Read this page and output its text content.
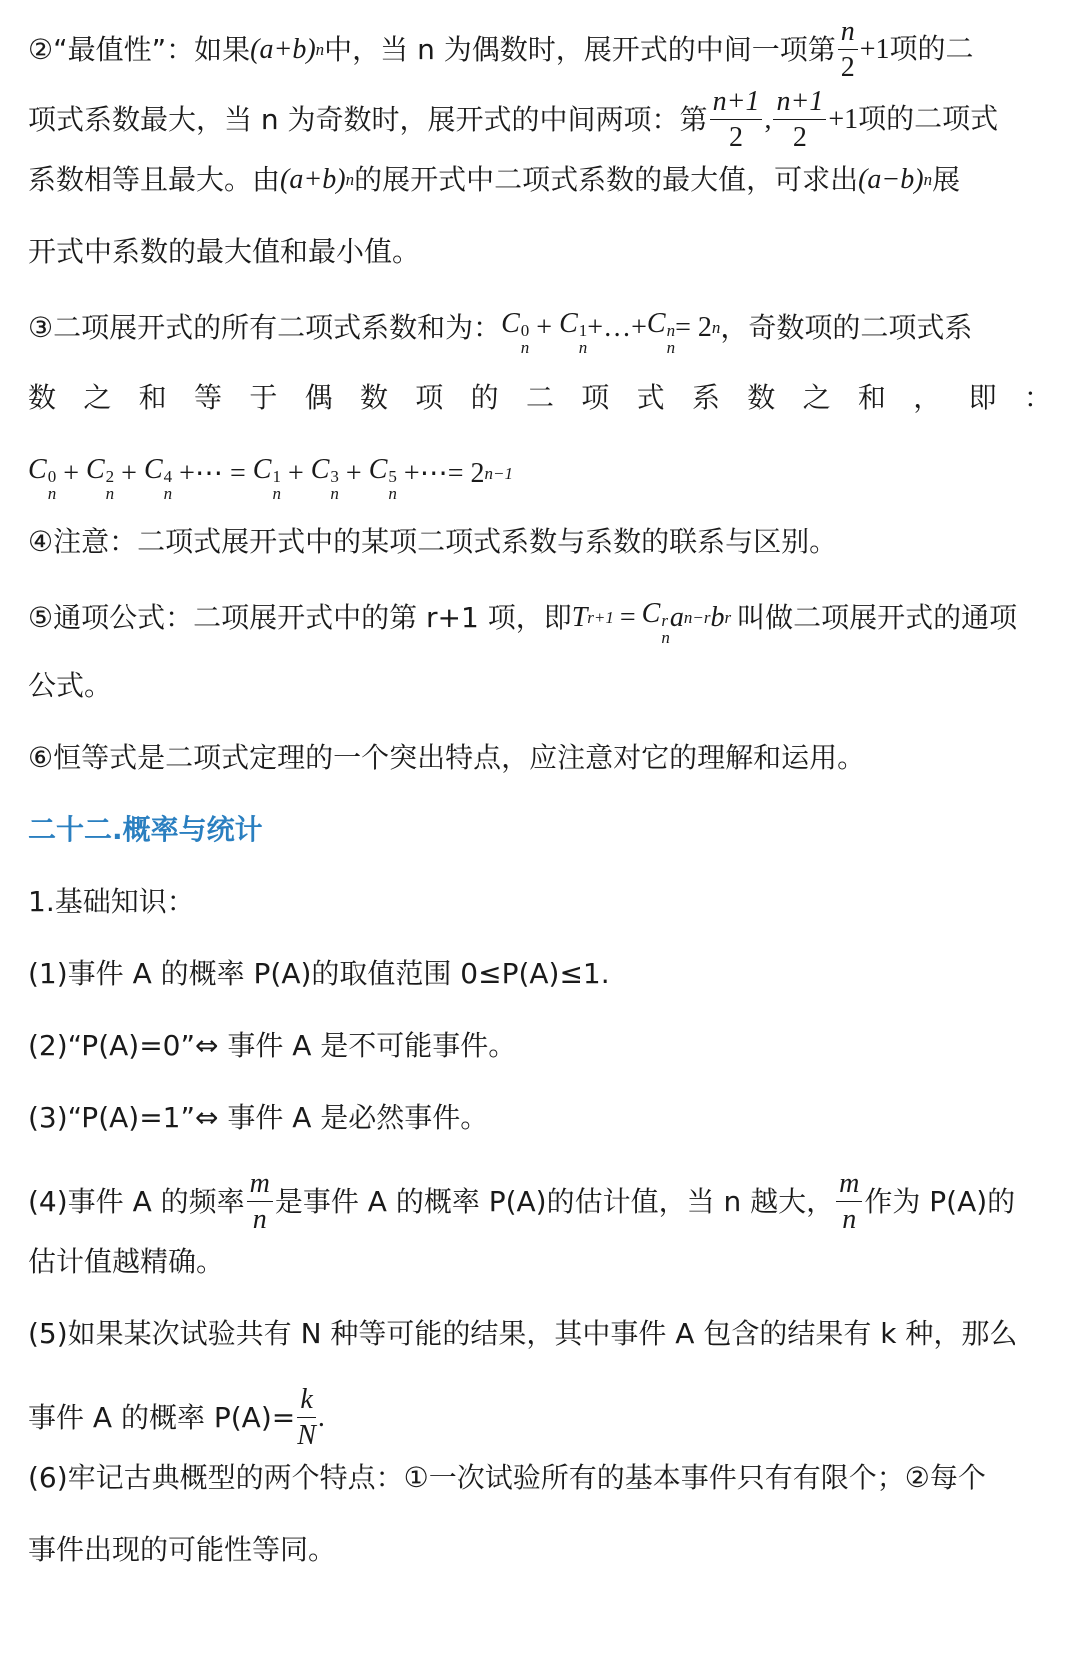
②“最值性”：如果 (a+b) n 中，当 n 为偶数时，展开式的中间一项第 $\frac{n}{2} +1$项的二
项式系数最大，当 n 为奇数时，展开式的中间两项：第 $\frac{n+1}{2}$ , $\frac{n+1}{2} +1$项的二项式
系数相等且最大。由 (a+b) n 的展开式中二项式系数的最大值，可求出 (a−b) n 展
开式中系数的最大值和最小值。
③二项展开式的所有二项式系数和为： C 0
n
+ C 1
n
+…+ C n
n
= 2 n ，奇数项的二项式系
数 之 和 等 于 偶 数 项 的 二 项 式 系 数 之 和 ， 即 ：
C 0
n
+ C 2
n
+ C 4
n

+⋯ = C 1
n
+ C 3
n
+ C 5
n

+⋯ = 2 n−1
④注意：二项式展开式中的某项二项式系数与系数的联系与区别。
⑤通项公式：二项展开式中的第 r+1 项，即 T r+1 = C r
n
a n−r b r 叫做二项展开式的通项
公式。
⑥恒等式是二项式定理的一个突出特点，应注意对它的理解和运用。
二十二.概率与统计
1.基础知识：
(1)事件 A 的概率 P(A)的取值范围 0≤P(A)≤1.
(2)“P(A)=0”⇔ 事件 A 是不可能事件。
(3)“P(A)=1”⇔ 事件 A 是必然事件。
(4)事件 A 的频率 $\frac{m}{n}$ 是事件 A 的概率 P(A)的估计值，当 n 越大， $\frac{m}{n}$ 作为 P(A)的
估计值越精确。
(5)如果某次试验共有 N 种等可能的结果，其中事件 A 包含的结果有 k 种，那么
事件 A 的概率 $P(A)= \frac{k}{N}$ .
(6)牢记古典概型的两个特点：①一次试验所有的基本事件只有有限个；②每个
事件出现的可能性等同。
